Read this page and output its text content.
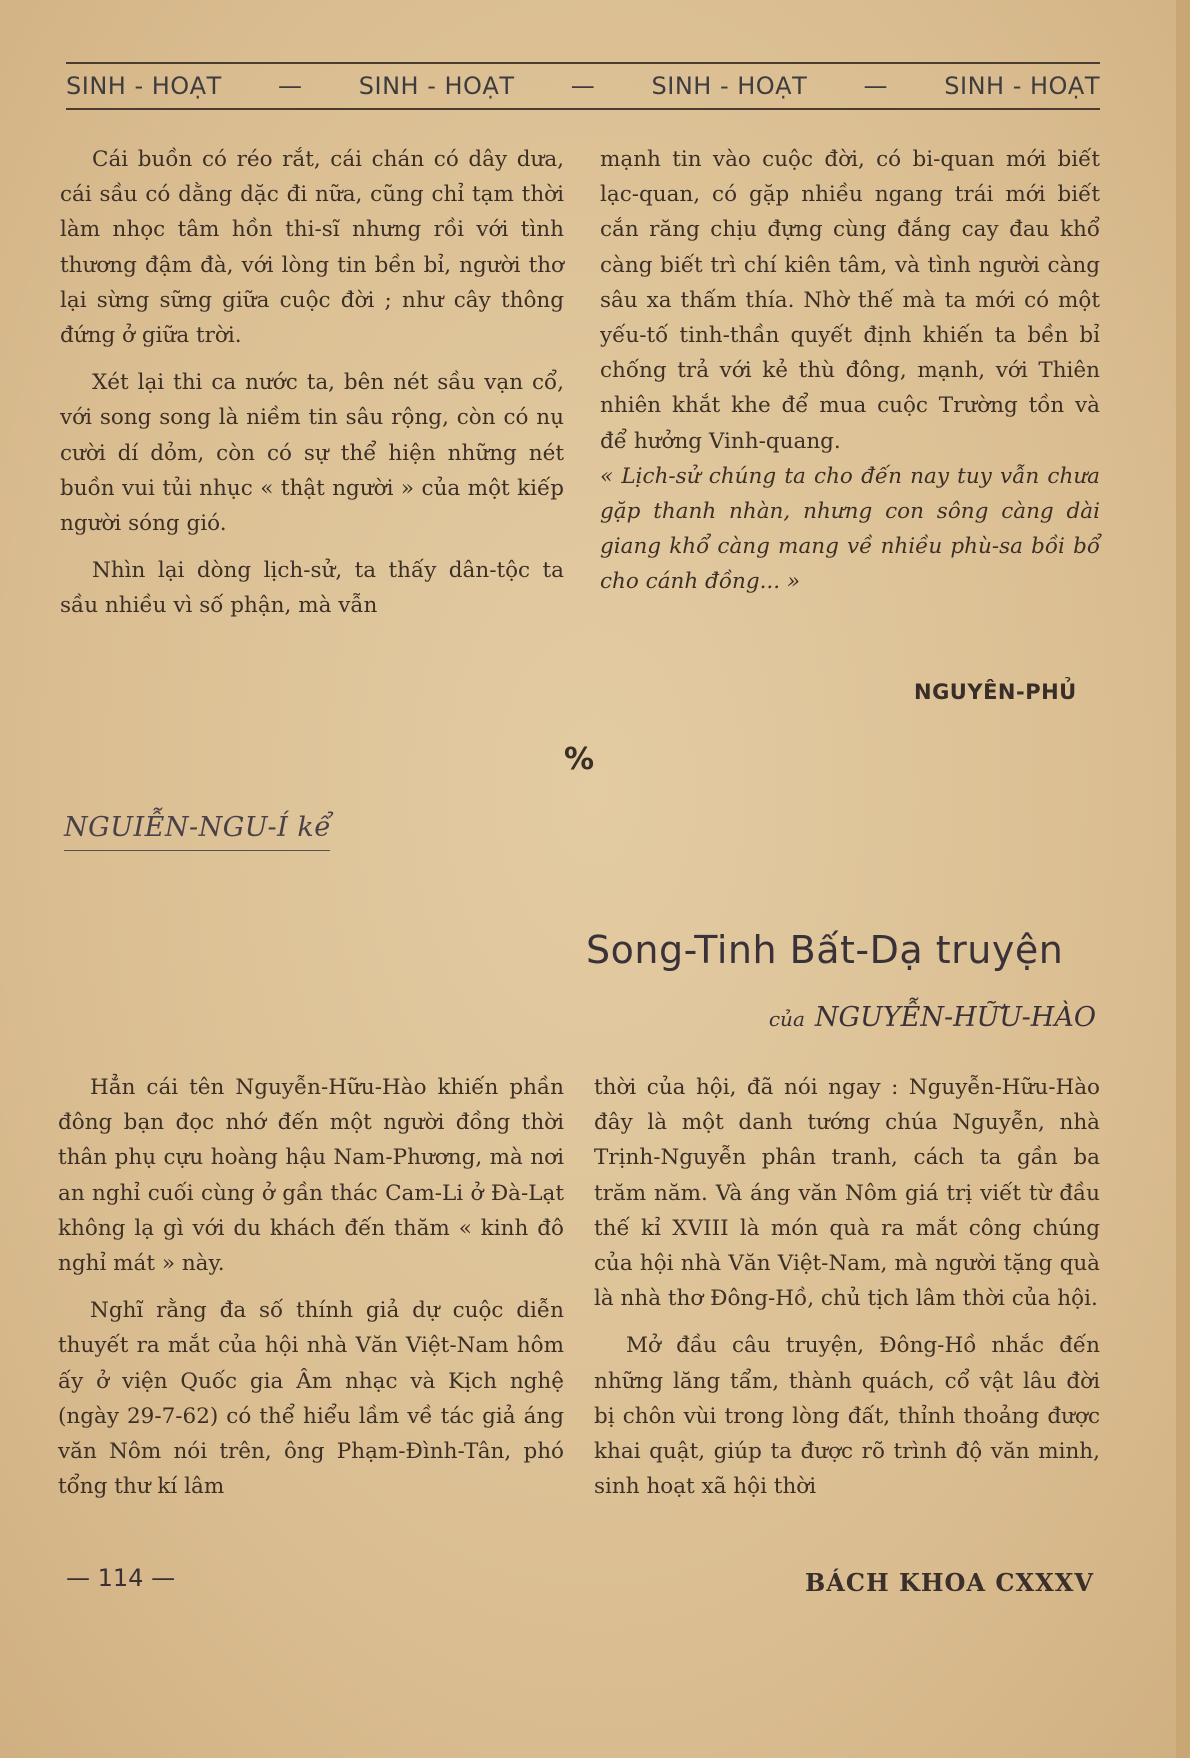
SINH - HOẠT — SINH - HOẠT — SINH - HOẠT — SINH - HOẠT

Cái buồn có réo rắt, cái chán có dây dưa, cái sầu có dằng dặc đi nữa, cũng chỉ tạm thời làm nhọc tâm hồn thi-sĩ nhưng rồi với tình thương đậm đà, với lòng tin bền bỉ, người thơ lại sừng sững giữa cuộc đời ; như cây thông đứng ở giữa trời.

Xét lại thi ca nước ta, bên nét sầu vạn cổ, với song song là niềm tin sâu rộng, còn có nụ cười dí dỏm, còn có sự thể hiện những nét buồn vui tủi nhục « thật người » của một kiếp người sóng gió.

Nhìn lại dòng lịch-sử, ta thấy dân-tộc ta sầu nhiều vì số phận, mà vẫn

mạnh tin vào cuộc đời, có bi-quan mới biết lạc-quan, có gặp nhiều ngang trái mới biết cắn răng chịu đựng cùng đắng cay đau khổ càng biết trì chí kiên tâm, và tình người càng sâu xa thấm thía. Nhờ thế mà ta mới có một yếu-tố tinh-thần quyết định khiến ta bền bỉ chống trả với kẻ thù đông, mạnh, với Thiên nhiên khắt khe để mua cuộc Trường tồn và để hưởng Vinh-quang.

« Lịch-sử chúng ta cho đến nay tuy vẫn chưa gặp thanh nhàn, nhưng con sông càng dài giang khổ càng mang về nhiều phù-sa bồi bổ cho cánh đồng... »

NGUYÊN-PHỦ
%
NGUIỄN-NGU-Í kể
Song-Tinh Bất-Dạ truyện
của NGUYỄN-HỮU-HÀO

Hẳn cái tên Nguyễn-Hữu-Hào khiến phần đông bạn đọc nhớ đến một người đồng thời thân phụ cựu hoàng hậu Nam-Phương, mà nơi an nghỉ cuối cùng ở gần thác Cam-Li ở Đà-Lạt không lạ gì với du khách đến thăm « kinh đô nghỉ mát » này.

Nghĩ rằng đa số thính giả dự cuộc diễn thuyết ra mắt của hội nhà Văn Việt-Nam hôm ấy ở viện Quốc gia Âm nhạc và Kịch nghệ (ngày 29-7-62) có thể hiểu lầm về tác giả áng văn Nôm nói trên, ông Phạm-Đình-Tân, phó tổng thư kí lâm

thời của hội, đã nói ngay : Nguyễn-Hữu-Hào đây là một danh tướng chúa Nguyễn, nhà Trịnh-Nguyễn phân tranh, cách ta gần ba trăm năm. Và áng văn Nôm giá trị viết từ đầu thế kỉ XVIII là món quà ra mắt công chúng của hội nhà Văn Việt-Nam, mà người tặng quà là nhà thơ Đông-Hồ, chủ tịch lâm thời của hội.

Mở đầu câu truyện, Đông-Hồ nhắc đến những lăng tẩm, thành quách, cổ vật lâu đời bị chôn vùi trong lòng đất, thỉnh thoảng được khai quật, giúp ta được rõ trình độ văn minh, sinh hoạt xã hội thời

— 114 —	BÁCH KHOA CXXXV
